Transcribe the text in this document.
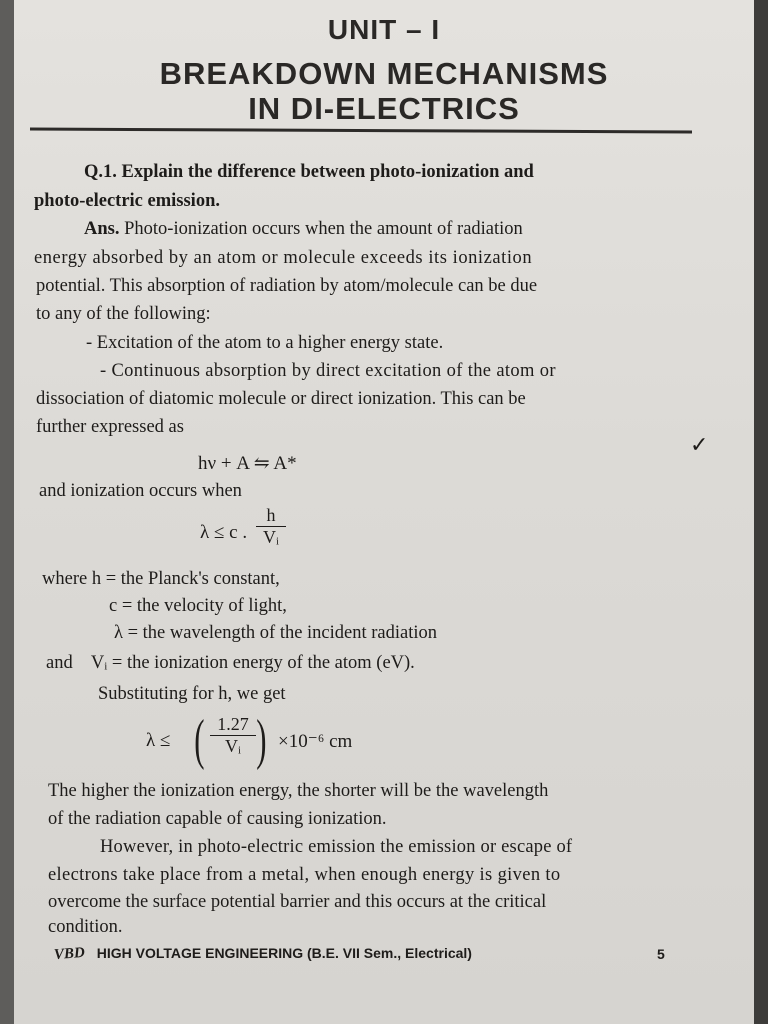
UNIT – I
BREAKDOWN MECHANISMS
IN DI-ELECTRICS
Q.1. Explain the difference between photo-ionization and
photo-electric emission.
Ans. Photo-ionization occurs when the amount of radiation
energy absorbed by an atom or molecule exceeds its ionization
potential. This absorption of radiation by atom/molecule can be due
to any of the following:
- Excitation of the atom to a higher energy state.
- Continuous absorption by direct excitation of the atom or
dissociation of diatomic molecule or direct ionization. This can be
further expressed as
hν + A ⇋ A*
✓
and ionization occurs when
λ ≤ c . $\frac{h}{\text{Vᵢ}}$
where h = the Planck's constant,
c = the velocity of light,
λ = the wavelength of the incident radiation
and    Vᵢ = the ionization energy of the atom (eV).
Substituting for h, we get
λ ≤ ( $\frac{1.27}{\text{Vᵢ}}$ ) ×10⁻⁶ cm
The higher the ionization energy, the shorter will be the wavelength
of the radiation capable of causing ionization.
However, in photo-electric emission the emission or escape of
electrons take place from a metal, when enough energy is given to
overcome the surface potential barrier and this occurs at the critical
condition.
VBD HIGH VOLTAGE ENGINEERING (B.E. VII Sem., Electrical)	5
